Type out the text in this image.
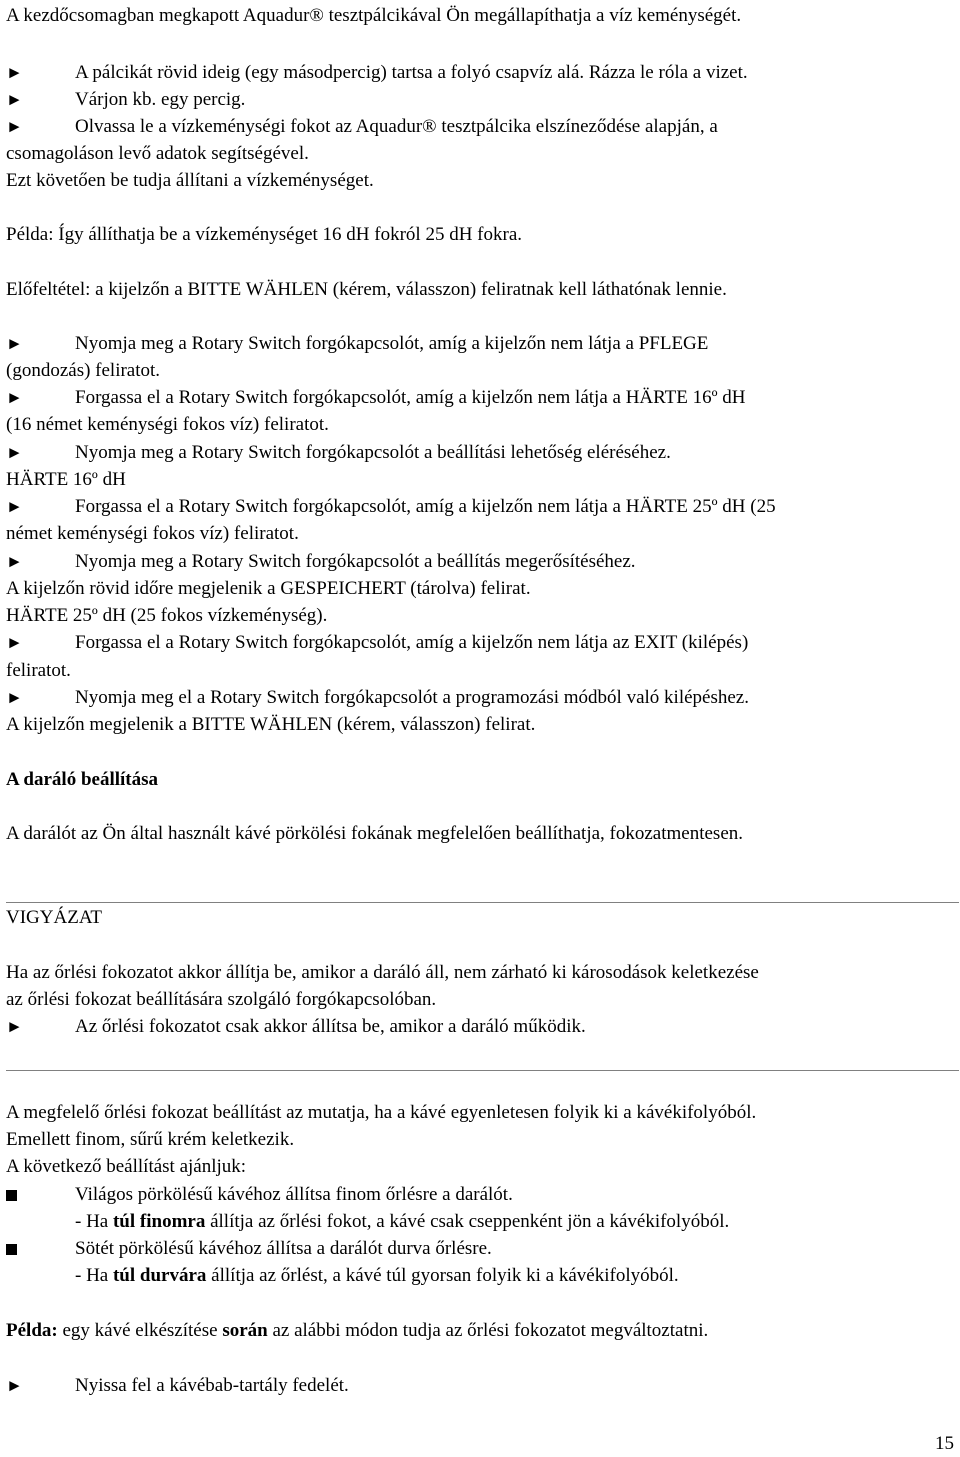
A kezdőcsomagban megkapott Aquadur® tesztpálcikával Ön megállapíthatja a víz keménységét.
►	A pálcikát rövid ideig (egy másodpercig) tartsa a folyó csapvíz alá. Rázza le róla a vizet.
►	Várjon kb. egy percig.
►	Olvassa le a vízkeménységi fokot az Aquadur® tesztpálcika elszíneződése alapján, a
csomagoláson levő adatok segítségével.
Ezt követően be tudja állítani a vízkeménységet.
Példa: Így állíthatja be a vízkeménységet 16 dH fokról 25 dH fokra.
Előfeltétel: a kijelzőn a BITTE WÄHLEN (kérem, válasszon) feliratnak kell láthatónak lennie.
►	Nyomja meg a Rotary Switch forgókapcsolót, amíg a kijelzőn nem látja a PFLEGE
(gondozás) feliratot.
►	Forgassa el a Rotary Switch forgókapcsolót, amíg a kijelzőn nem látja a HÄRTE 16º dH
(16 német keménységi fokos víz) feliratot.
►	Nyomja meg a Rotary Switch forgókapcsolót a beállítási lehetőség eléréséhez.
HÄRTE 16º dH
►	Forgassa el a Rotary Switch forgókapcsolót, amíg a kijelzőn nem látja a HÄRTE 25º dH (25
német keménységi fokos víz) feliratot.
►	Nyomja meg a Rotary Switch forgókapcsolót a beállítás megerősítéséhez.
A kijelzőn rövid időre megjelenik a GESPEICHERT (tárolva) felirat.
HÄRTE 25º dH (25 fokos vízkeménység).
►	Forgassa el a Rotary Switch forgókapcsolót, amíg a kijelzőn nem látja az EXIT (kilépés)
feliratot.
►	Nyomja meg el a Rotary Switch forgókapcsolót a programozási módból való kilépéshez.
A kijelzőn megjelenik a BITTE WÄHLEN (kérem, válasszon) felirat.
A daráló beállítása
A darálót az Ön által használt kávé pörkölési fokának megfelelően beállíthatja, fokozatmentesen.
VIGYÁZAT
Ha az őrlési fokozatot akkor állítja be, amikor a daráló áll, nem zárható ki károsodások keletkezése
az őrlési fokozat beállítására szolgáló forgókapcsolóban.
►	Az őrlési fokozatot csak akkor állítsa be, amikor a daráló működik.
A megfelelő őrlési fokozat beállítást az mutatja, ha a kávé egyenletesen folyik ki a kávékifolyóból.
Emellett finom, sűrű krém keletkezik.
A következő beállítást ajánljuk:
Világos pörkölésű kávéhoz állítsa finom őrlésre a darálót.
- Ha túl finomra állítja az őrlési fokot, a kávé csak cseppenként jön a kávékifolyóból.
Sötét pörkölésű kávéhoz állítsa a darálót durva őrlésre.
- Ha túl durvára állítja az őrlést, a kávé túl gyorsan folyik ki a kávékifolyóból.
Példa: egy kávé elkészítése során az alábbi módon tudja az őrlési fokozatot megváltoztatni.
►	Nyissa fel a kávébab-tartály fedelét.
15
